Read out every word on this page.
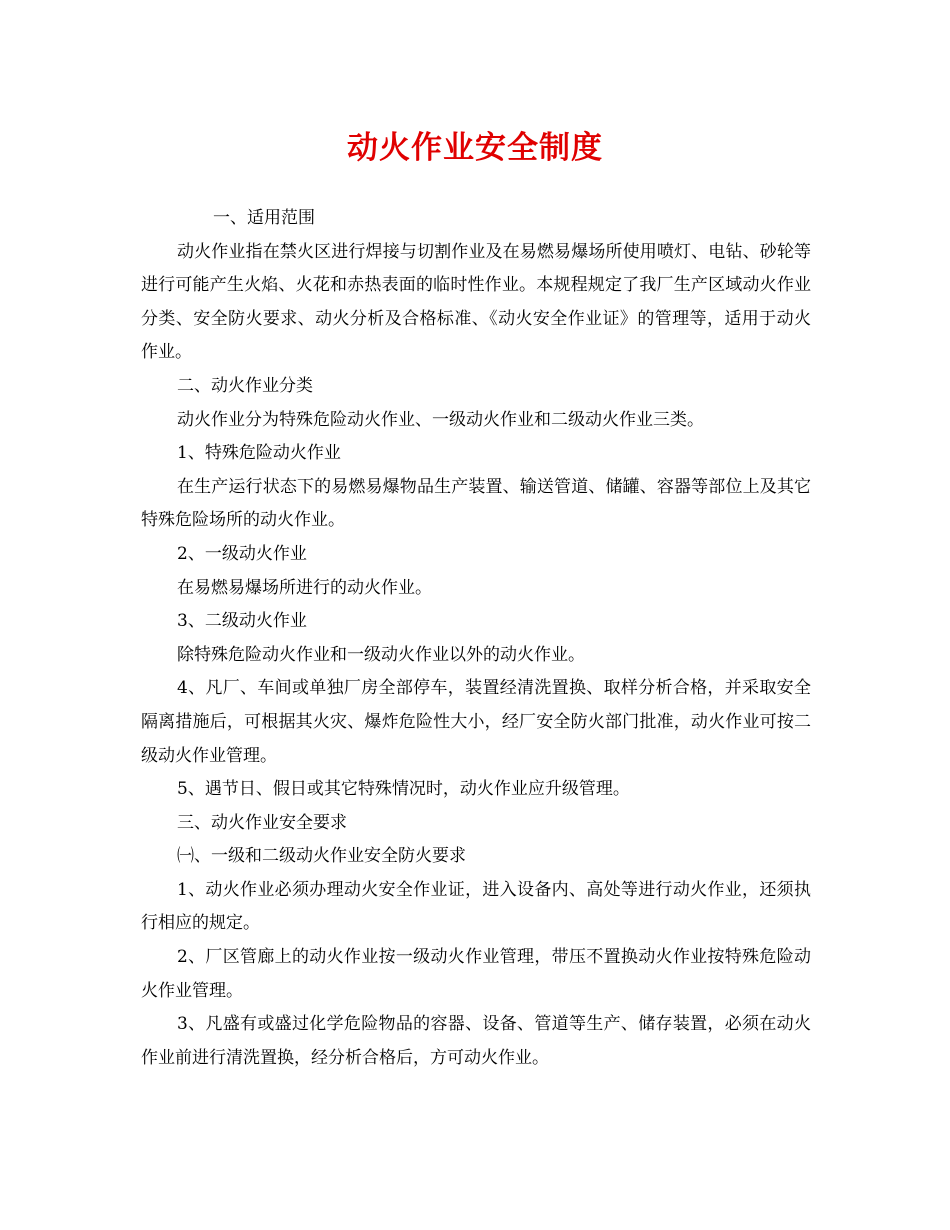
动火作业安全制度

一、适用范围

动火作业指在禁火区进行焊接与切割作业及在易燃易爆场所使用喷灯、电钻、砂轮等进行可能产生火焰、火花和赤热表面的临时性作业。本规程规定了我厂生产区域动火作业分类、安全防火要求、动火分析及合格标准、《动火安全作业证》的管理等，适用于动火作业。

二、动火作业分类

动火作业分为特殊危险动火作业、一级动火作业和二级动火作业三类。

1、特殊危险动火作业

在生产运行状态下的易燃易爆物品生产装置、输送管道、储罐、容器等部位上及其它特殊危险场所的动火作业。

2、一级动火作业

在易燃易爆场所进行的动火作业。

3、二级动火作业

除特殊危险动火作业和一级动火作业以外的动火作业。

4、凡厂、车间或单独厂房全部停车，装置经清洗置换、取样分析合格，并采取安全隔离措施后，可根据其火灾、爆炸危险性大小，经厂安全防火部门批准，动火作业可按二级动火作业管理。

5、遇节日、假日或其它特殊情况时，动火作业应升级管理。

三、动火作业安全要求

㈠、一级和二级动火作业安全防火要求

1、动火作业必须办理动火安全作业证，进入设备内、高处等进行动火作业，还须执行相应的规定。

2、厂区管廊上的动火作业按一级动火作业管理，带压不置换动火作业按特殊危险动火作业管理。

3、凡盛有或盛过化学危险物品的容器、设备、管道等生产、储存装置，必须在动火作业前进行清洗置换，经分析合格后，方可动火作业。
